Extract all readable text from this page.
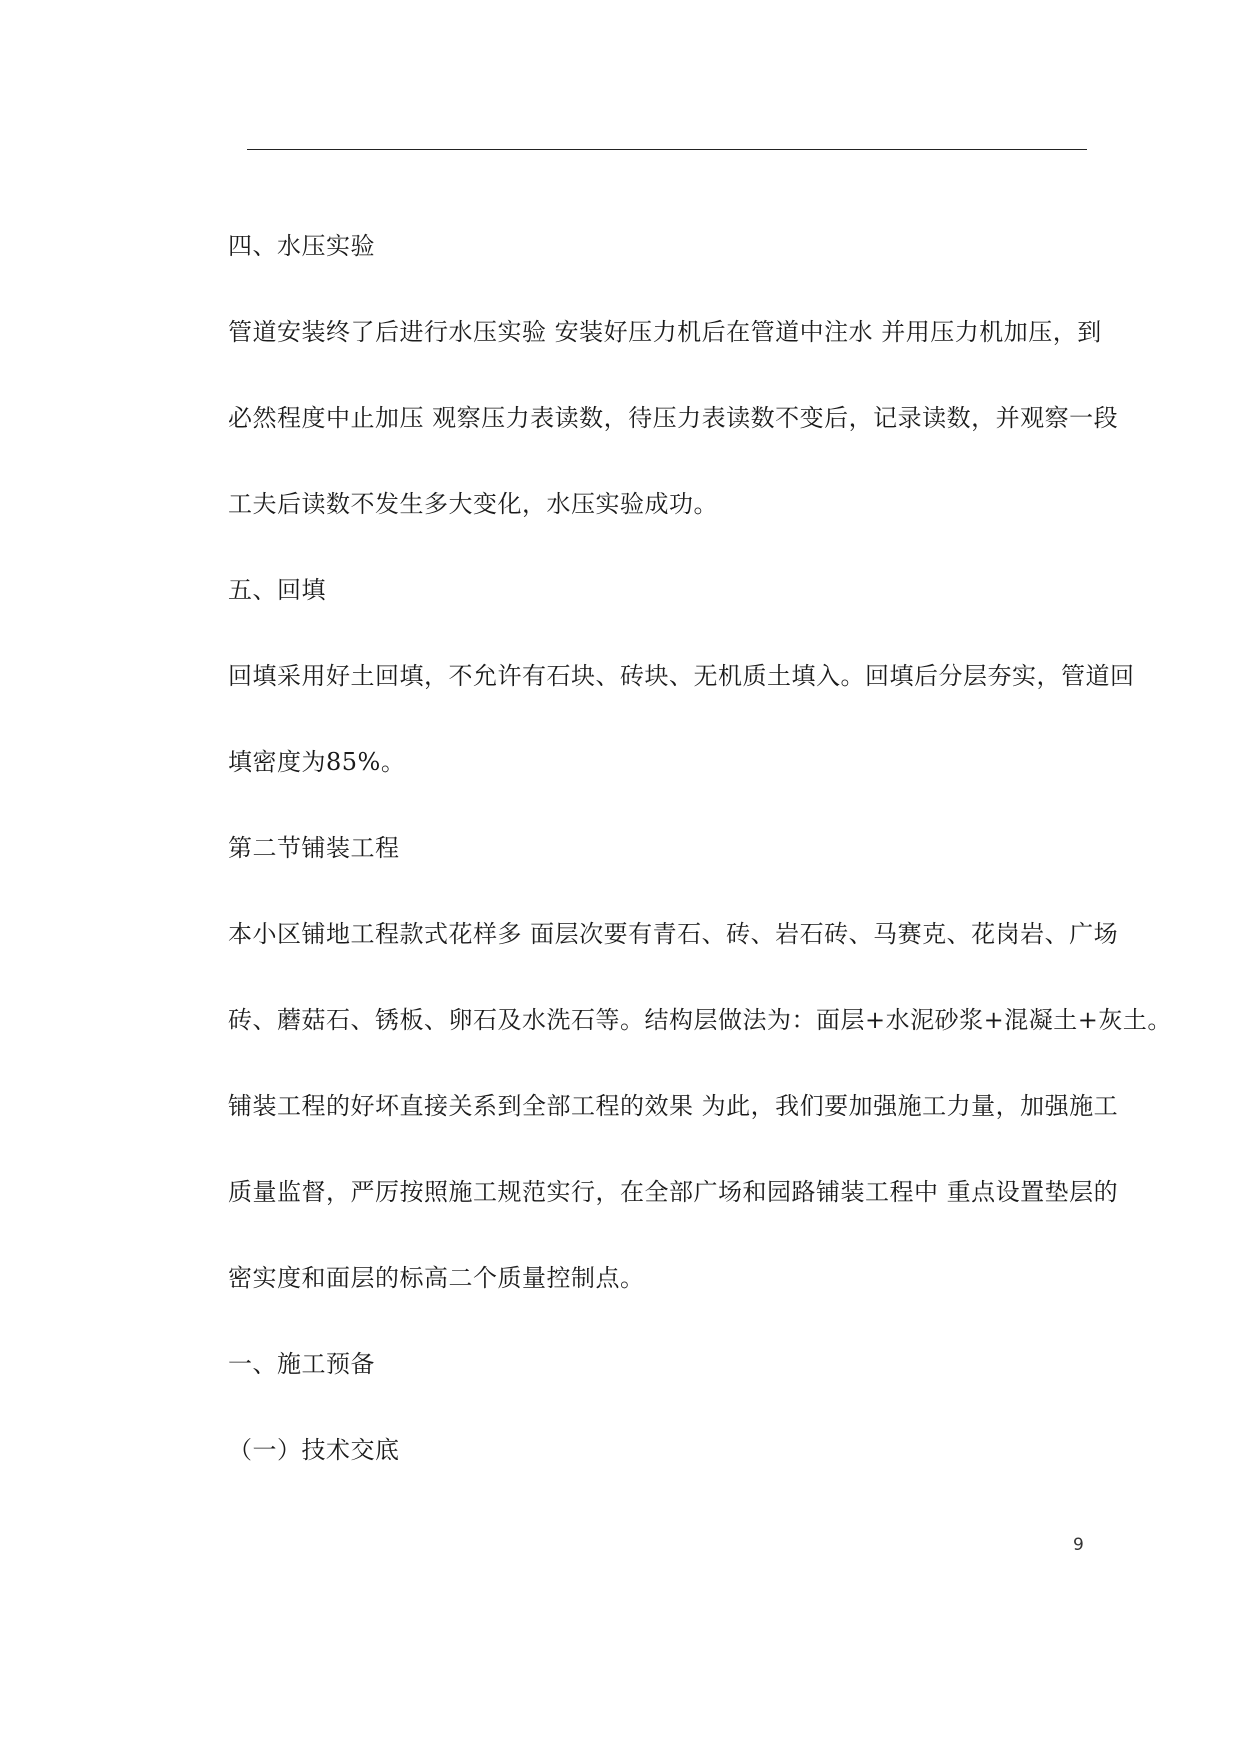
四、水压实验
管道安装终了后进行水压实验 安装好压力机后在管道中注水 并用压力机加压，到
必然程度中止加压 观察压力表读数，待压力表读数不变后，记录读数，并观察一段
工夫后读数不发生多大变化，水压实验成功。
五、回填
回填采用好土回填，不允许有石块、砖块、无机质土填入。回填后分层夯实，管道回
填密度为85%。
第二节铺装工程
本小区铺地工程款式花样多 面层次要有青石、砖、岩石砖、马赛克、花岗岩、广场
砖、蘑菇石、锈板、卵石及水洗石等。结构层做法为：面层+水泥砂浆+混凝土+灰土。
铺装工程的好坏直接关系到全部工程的效果 为此，我们要加强施工力量，加强施工
质量监督，严厉按照施工规范实行，在全部广场和园路铺装工程中 重点设置垫层的
密实度和面层的标高二个质量控制点。
一、施工预备
（一）技术交底
9
